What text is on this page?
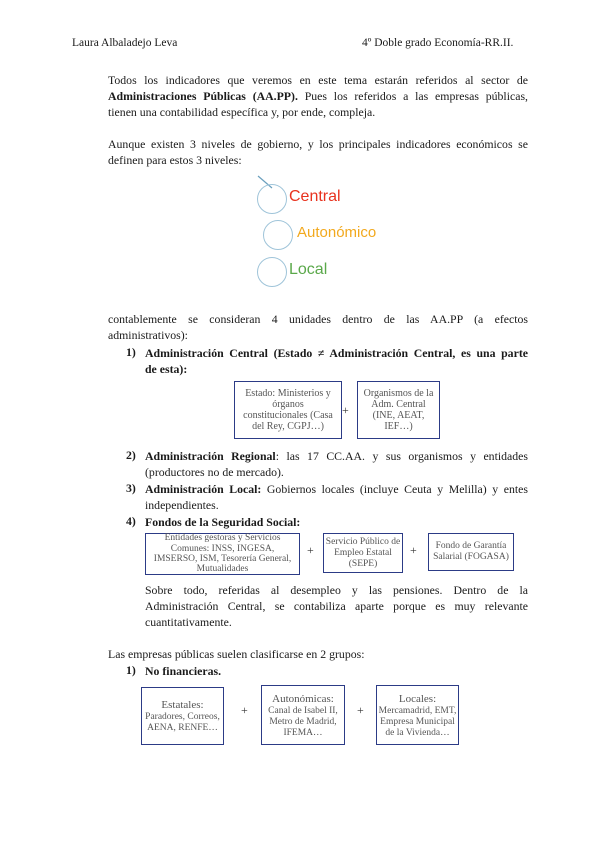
Laura Albaladejo Leva	4º Doble grado Economía-RR.II.
Todos los indicadores que veremos en este tema estarán referidos al sector de
Administraciones Públicas (AA.PP). Pues los referidos a las empresas públicas,
tienen una contabilidad específica y, por ende, compleja.
Aunque existen 3 niveles de gobierno, y los principales indicadores económicos se
definen para estos 3 niveles:
Central
Autonómico
Local
contablemente se consideran 4 unidades dentro de las AA.PP (a efectos
administrativos):
1) Administración Central (Estado ≠ Administración Central, es una parte
de esta):
Estado: Ministerios y
órganos
constitucionales (Casa
del Rey, CGPJ…)
+
Organismos de la
Adm. Central
(INE, AEAT,
IEF…)
2) Administración Regional: las 17 CC.AA. y sus organismos y entidades
(productores no de mercado).
3) Administración Local: Gobiernos locales (incluye Ceuta y Melilla) y entes
independientes.
4) Fondos de la Seguridad Social:
Entidades gestoras y Servicios
Comunes: INSS, INGESA,
IMSERSO, ISM, Tesorería General,
Mutualidades
+
Servicio Público de
Empleo Estatal
(SEPE)
+ Fondo de Garantía
Salarial (FOGASA)
Sobre todo, referidas al desempleo y las pensiones. Dentro de la
Administración Central, se contabiliza aparte porque es muy relevante
cuantitativamente.
Las empresas públicas suelen clasificarse en 2 grupos:
1) No financieras.
Estatales:
Paradores, Correos,
AENA, RENFE…
+
Autonómicas:
Canal de Isabel II,
Metro de Madrid,
IFEMA…
+
Locales:
Mercamadrid, EMT,
Empresa Municipal
de la Vivienda…
